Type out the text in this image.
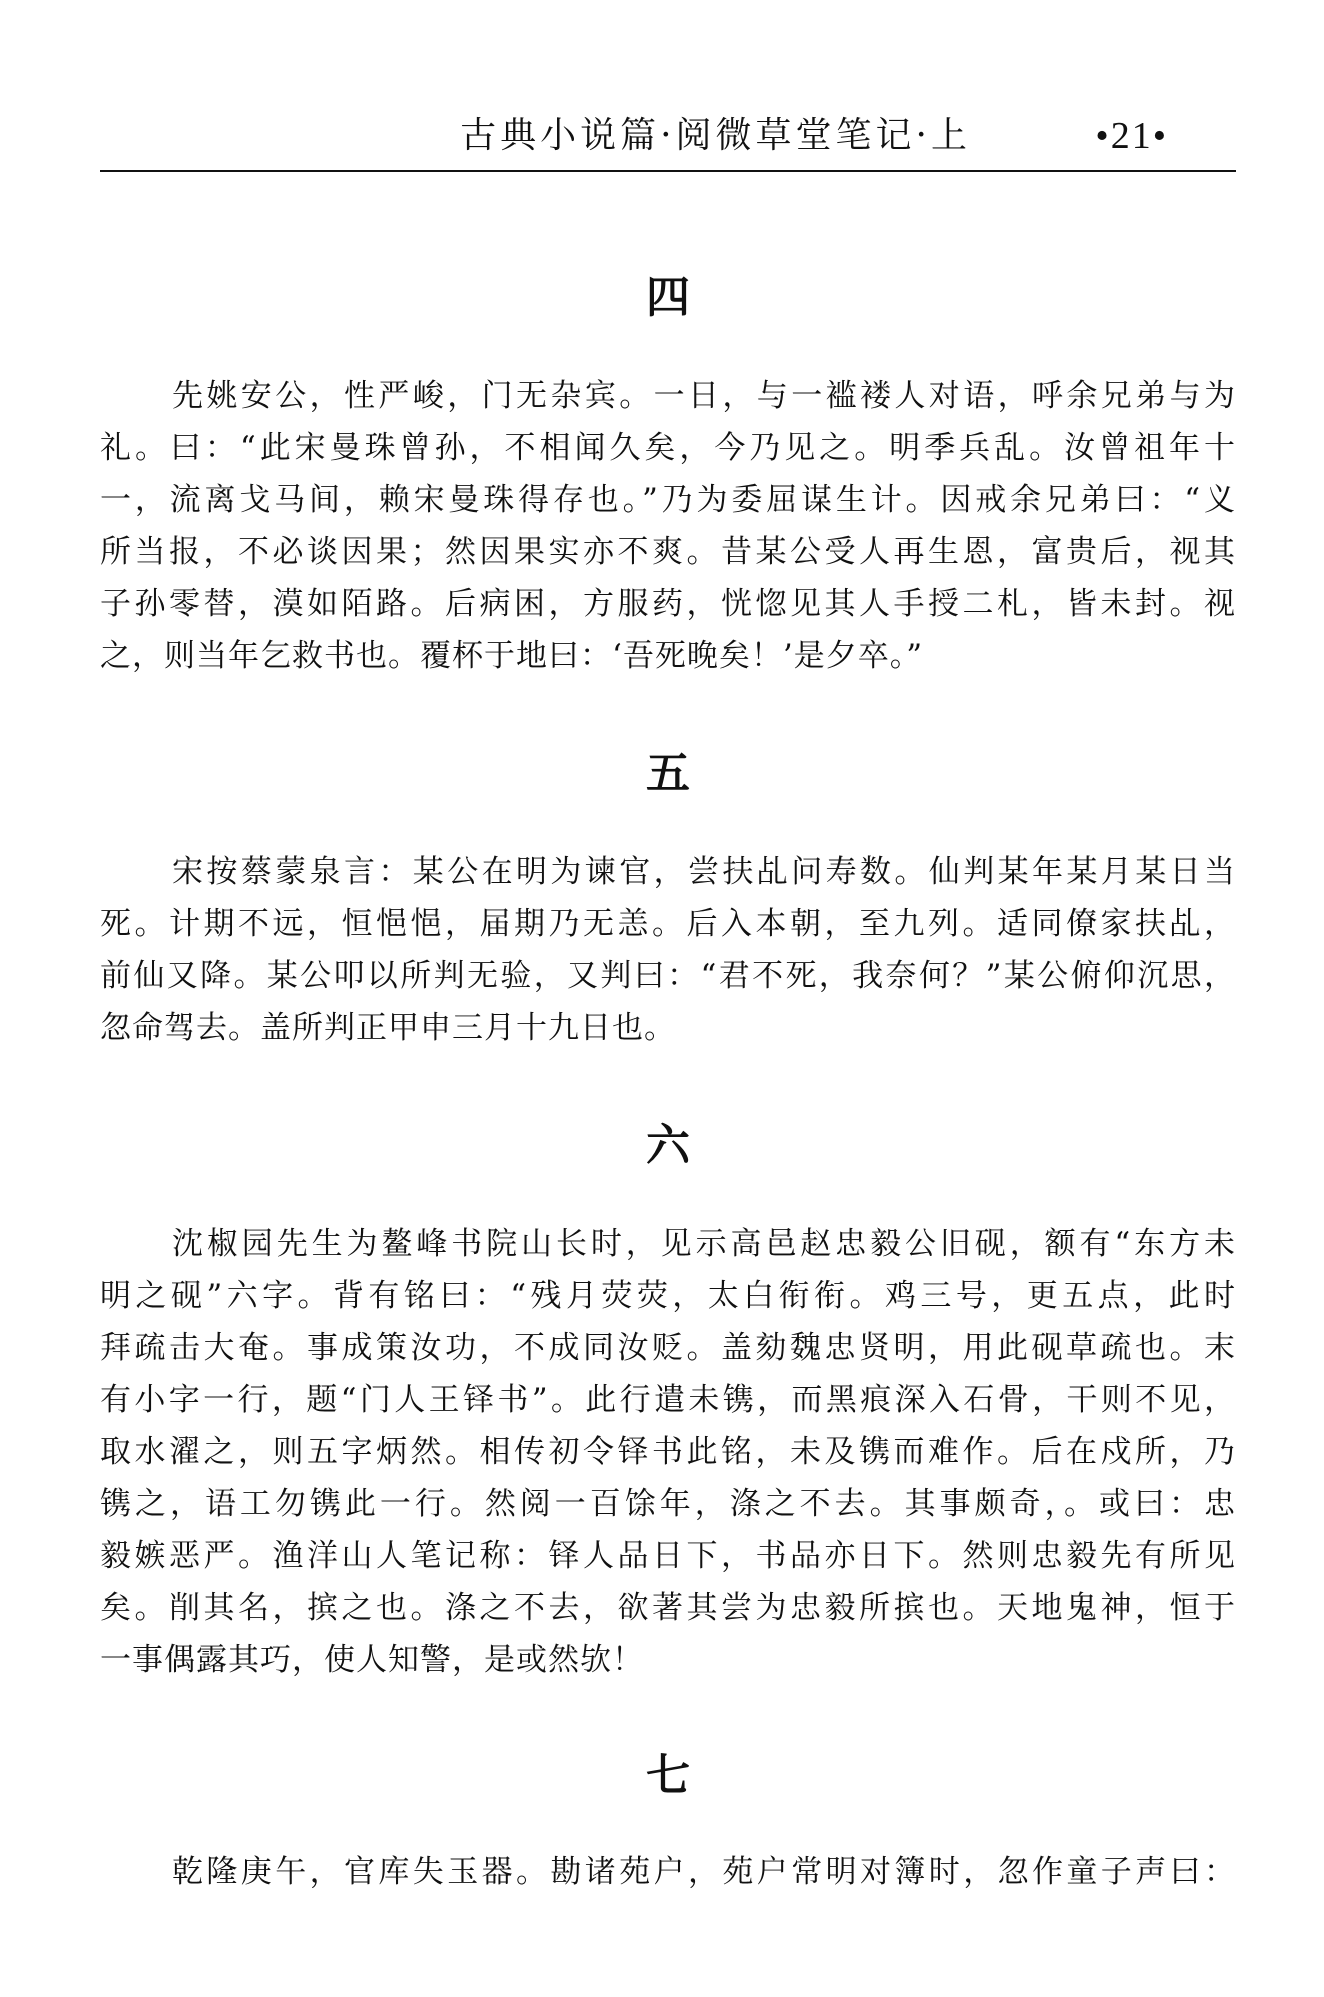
古典小说篇·阅微草堂笔记·上	•21•
四
先姚安公，性严峻，门无杂宾。一日，与一褴褛人对语，呼余兄弟与为
礼。曰：“此宋曼珠曾孙，不相闻久矣，今乃见之。明季兵乱。汝曾祖年十
一，流离戈马间，赖宋曼珠得存也。”乃为委屈谋生计。因戒余兄弟曰：“义
所当报，不必谈因果；然因果实亦不爽。昔某公受人再生恩，富贵后，视其
子孙零替，漠如陌路。后病困，方服药，恍惚见其人手授二札，皆未封。视
之，则当年乞救书也。覆杯于地曰：‘吾死晚矣！’是夕卒。”
五
宋按蔡蒙泉言：某公在明为谏官，尝扶乩问寿数。仙判某年某月某日当
死。计期不远，恒悒悒，届期乃无恙。后入本朝，至九列。适同僚家扶乩，
前仙又降。某公叩以所判无验，又判曰：“君不死，我奈何？”某公俯仰沉思，
忽命驾去。盖所判正甲申三月十九日也。
六
沈椒园先生为鳌峰书院山长时，见示高邑赵忠毅公旧砚，额有“东方未
明之砚”六字。背有铭曰：“残月荧荧，太白衔衔。鸡三号，更五点，此时
拜疏击大奄。事成策汝功，不成同汝贬。盖劾魏忠贤明，用此砚草疏也。末
有小字一行，题“门人王铎书”。此行遣未镌，而黑痕深入石骨，干则不见，
取水濯之，则五字炳然。相传初令铎书此铭，未及镌而难作。后在戍所，乃
镌之，语工勿镌此一行。然阅一百馀年，涤之不去。其事颇奇，。或曰：忠
毅嫉恶严。渔洋山人笔记称：铎人品日下，书品亦日下。然则忠毅先有所见
矣。削其名，摈之也。涤之不去，欲著其尝为忠毅所摈也。天地鬼神，恒于
一事偶露其巧，使人知警，是或然欤！
七
乾隆庚午，官库失玉器。勘诸苑户，苑户常明对簿时，忽作童子声曰：
